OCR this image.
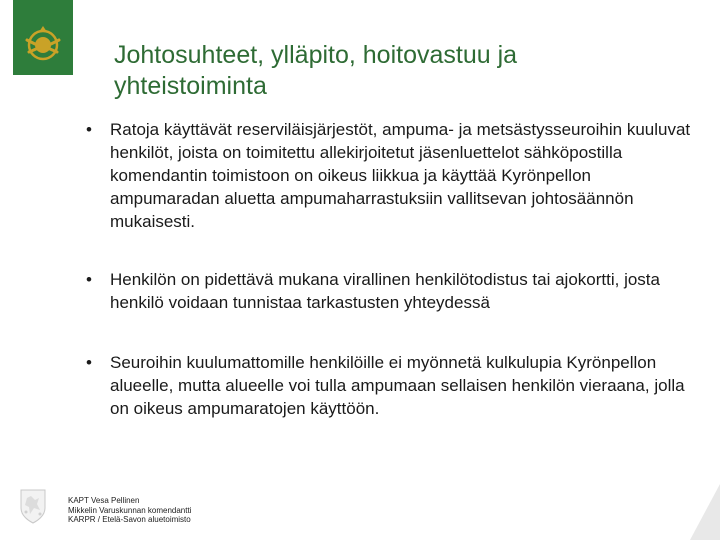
Johtosuhteet, ylläpito, hoitovastuu ja yhteistoiminta
• Ratoja käyttävät reserviläisjärjestöt, ampuma- ja metsästysseuroihin kuuluvat henkilöt, joista on toimitettu allekirjoitetut jäsenluettelot sähköpostilla komendantin toimistoon on oikeus liikkua ja käyttää Kyrönpellon ampumaradan aluetta ampumaharrastuksiin vallitsevan johtosäännön mukaisesti.
• Henkilön on pidettävä mukana virallinen henkilötodistus tai ajokortti, josta henkilö voidaan tunnistaa tarkastusten yhteydessä
• Seuroihin kuulumattomille henkilöille ei myönnetä kulkulupia Kyrönpellon alueelle, mutta alueelle voi tulla ampumaan sellaisen henkilön vieraana, jolla on oikeus ampumaratojen käyttöön.
KAPT Vesa Pellinen
Mikkelin Varuskunnan komendantti
KARPR / Etelä-Savon aluetoimisto
